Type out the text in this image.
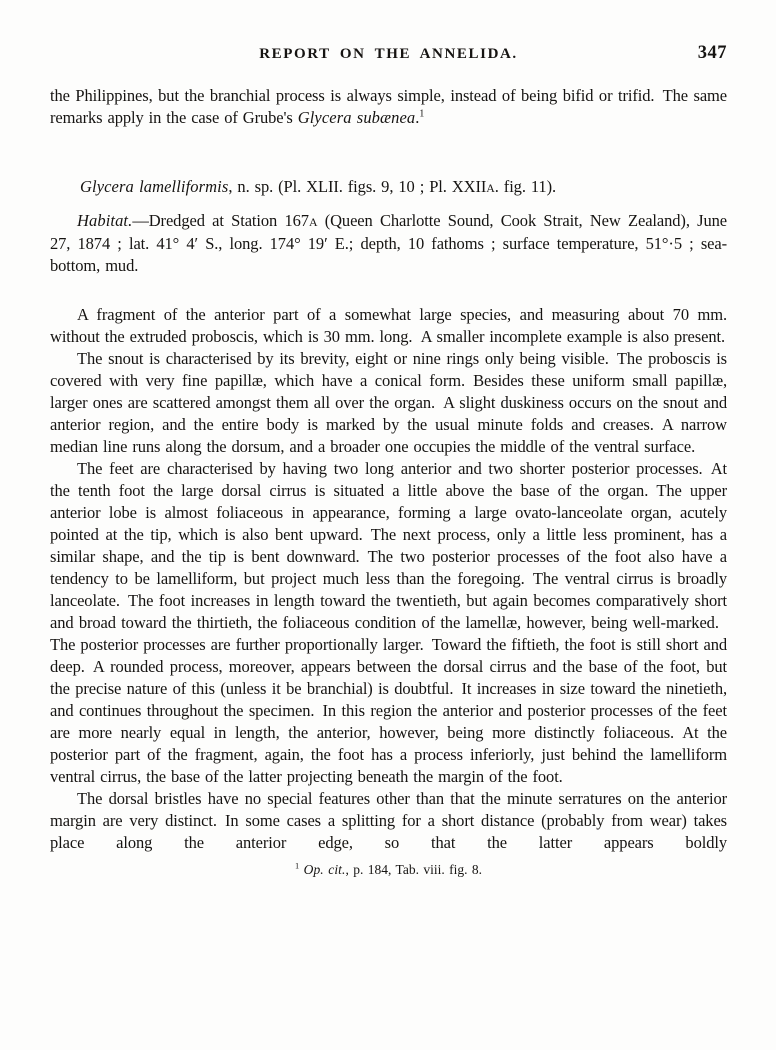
REPORT ON THE ANNELIDA.	347

the Philippines, but the branchial process is always simple, instead of being bifid or trifid. The same remarks apply in the case of Grube's Glycera subænea.$^1$

Glycera lamelliformis, n. sp. (Pl. XLII. figs. 9, 10 ; Pl. XXIIA. fig. 11).

Habitat.—Dredged at Station 167A (Queen Charlotte Sound, Cook Strait, New Zealand), June 27, 1874 ; lat. 41° 4′ S., long. 174° 19′ E.; depth, 10 fathoms ; surface temperature, 51°·5 ; sea-bottom, mud.

A fragment of the anterior part of a somewhat large species, and measuring about 70 mm. without the extruded proboscis, which is 30 mm. long. A smaller incomplete example is also present.

The snout is characterised by its brevity, eight or nine rings only being visible. The proboscis is covered with very fine papillæ, which have a conical form. Besides these uniform small papillæ, larger ones are scattered amongst them all over the organ. A slight duskiness occurs on the snout and anterior region, and the entire body is marked by the usual minute folds and creases. A narrow median line runs along the dorsum, and a broader one occupies the middle of the ventral surface.

The feet are characterised by having two long anterior and two shorter posterior processes. At the tenth foot the large dorsal cirrus is situated a little above the base of the organ. The upper anterior lobe is almost foliaceous in appearance, forming a large ovato-lanceolate organ, acutely pointed at the tip, which is also bent upward. The next process, only a little less prominent, has a similar shape, and the tip is bent downward. The two posterior processes of the foot also have a tendency to be lamelliform, but project much less than the foregoing. The ventral cirrus is broadly lanceolate. The foot increases in length toward the twentieth, but again becomes comparatively short and broad toward the thirtieth, the foliaceous condition of the lamellæ, however, being well-marked. The posterior processes are further proportionally larger. Toward the fiftieth, the foot is still short and deep. A rounded process, moreover, appears between the dorsal cirrus and the base of the foot, but the precise nature of this (unless it be branchial) is doubtful. It increases in size toward the ninetieth, and continues throughout the specimen. In this region the anterior and posterior processes of the feet are more nearly equal in length, the anterior, however, being more distinctly foliaceous. At the posterior part of the fragment, again, the foot has a process inferiorly, just behind the lamelliform ventral cirrus, the base of the latter projecting beneath the margin of the foot.

The dorsal bristles have no special features other than that the minute serratures on the anterior margin are very distinct. In some cases a splitting for a short distance (probably from wear) takes place along the anterior edge, so that the latter appears boldly

$^1$ Op. cit., p. 184, Tab. viii. fig. 8.
